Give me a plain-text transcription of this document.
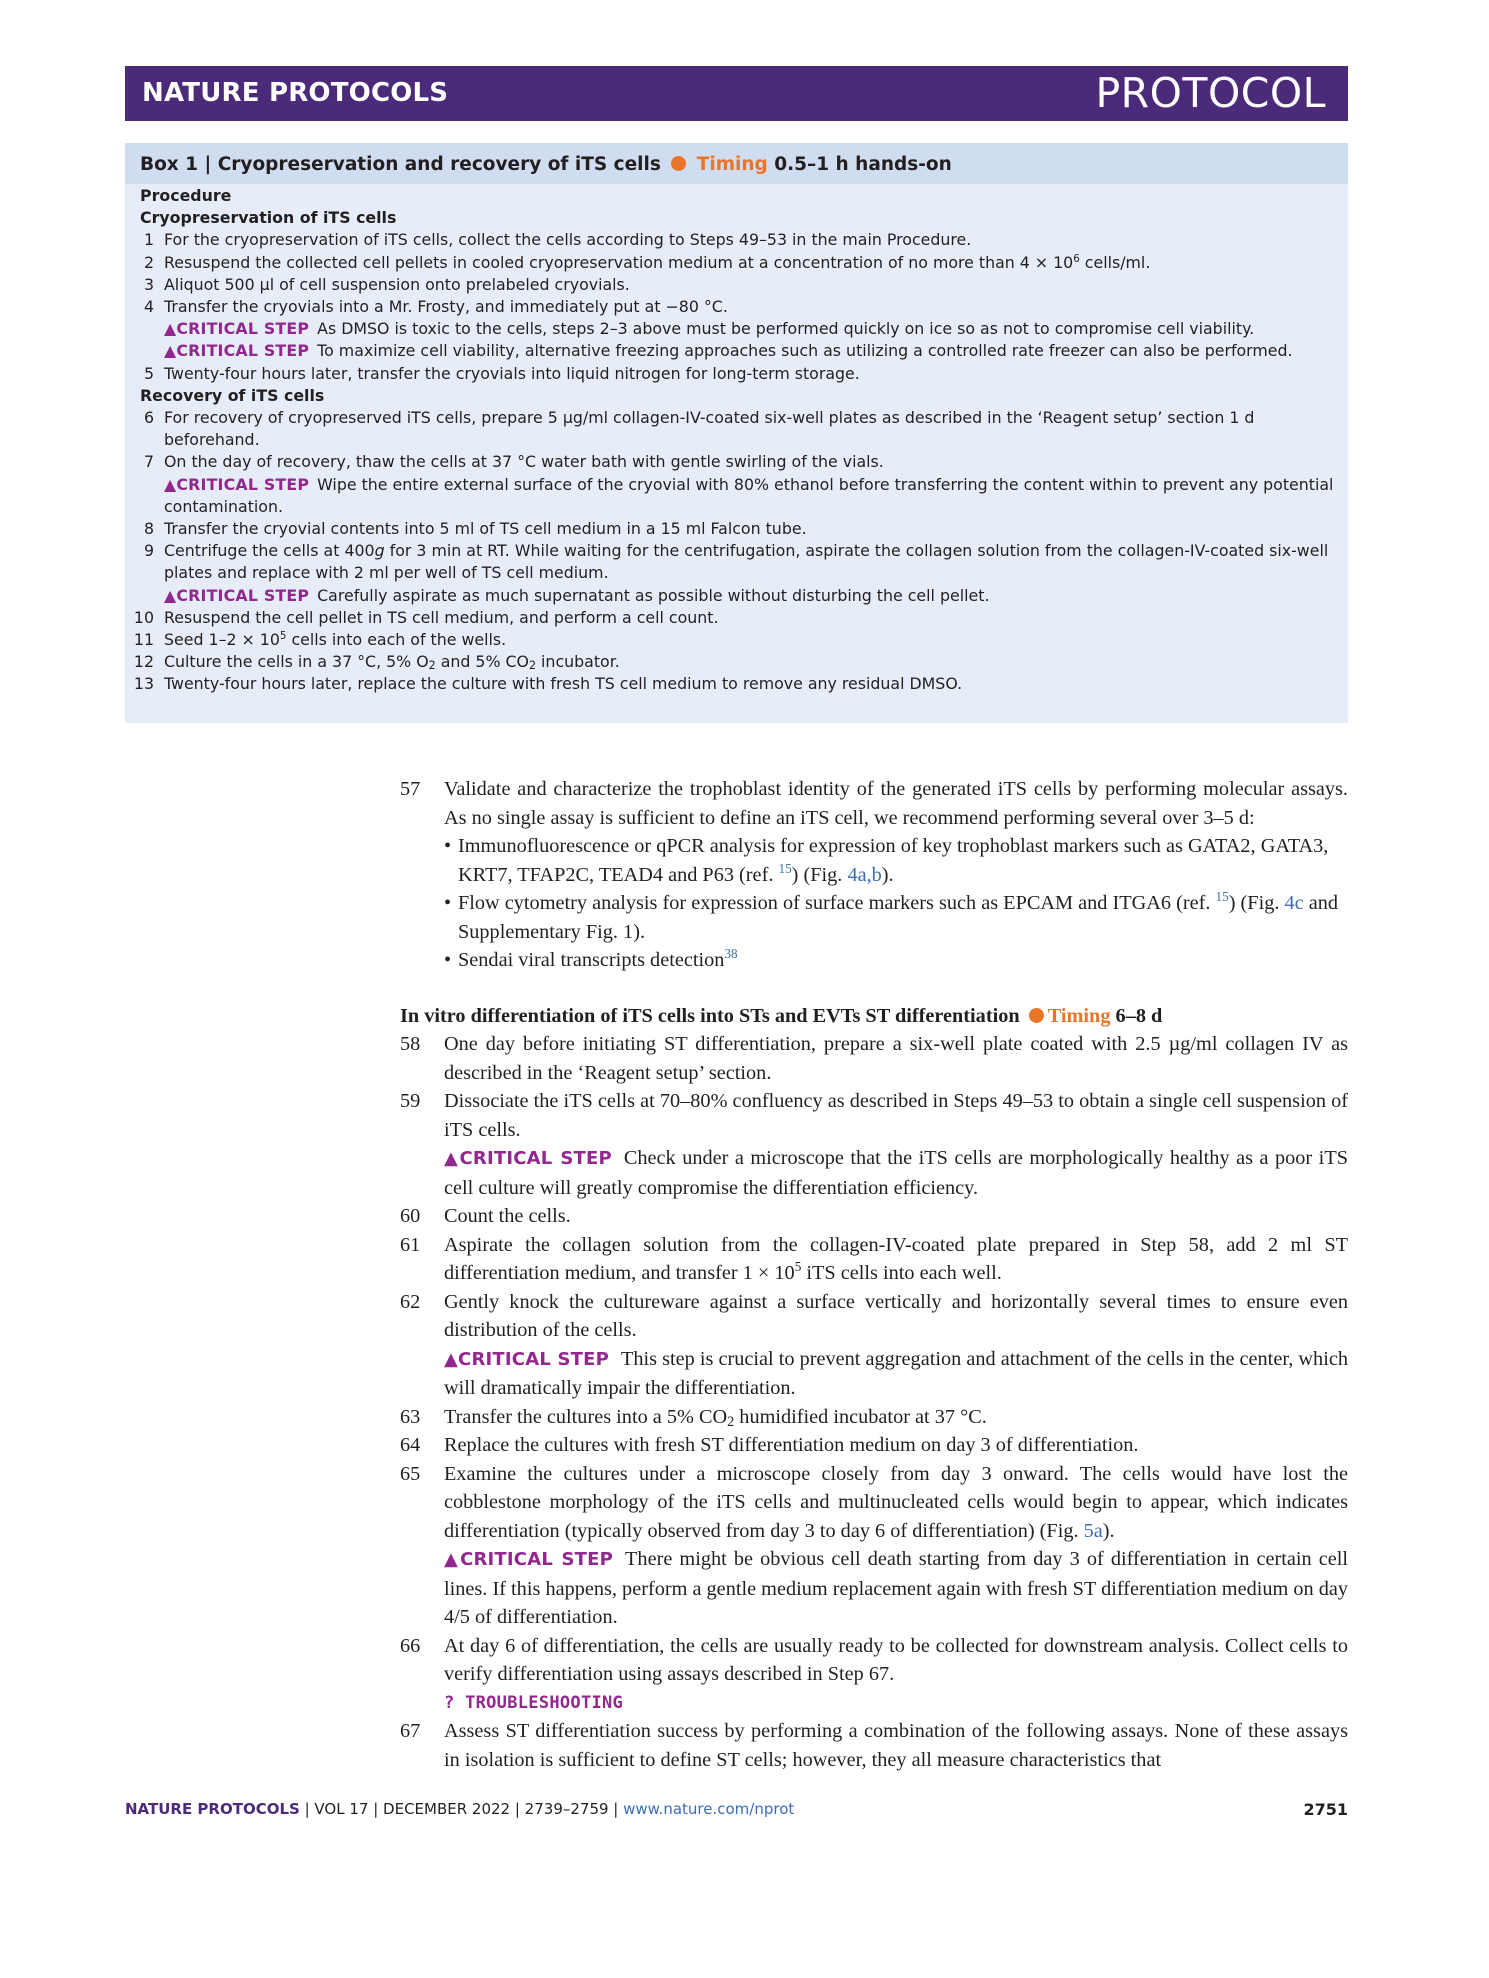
NATURE PROTOCOLS	PROTOCOL
Box 1 | Cryopreservation and recovery of iTS cells Timing 0.5–1 h hands-on
Procedure
Cryopreservation of iTS cells
1 For the cryopreservation of iTS cells, collect the cells according to Steps 49–53 in the main Procedure.
2 Resuspend the collected cell pellets in cooled cryopreservation medium at a concentration of no more than $4 \times 10^6$ cells/ml.
3 Aliquot 500 µl of cell suspension onto prelabeled cryovials.
4 Transfer the cryovials into a Mr. Frosty, and immediately put at −80 °C.
▲CRITICAL STEP As DMSO is toxic to the cells, steps 2–3 above must be performed quickly on ice so as not to compromise cell viability.
▲CRITICAL STEP To maximize cell viability, alternative freezing approaches such as utilizing a controlled rate freezer can also be performed.
5 Twenty-four hours later, transfer the cryovials into liquid nitrogen for long-term storage.
Recovery of iTS cells
6 For recovery of cryopreserved iTS cells, prepare 5 µg/ml collagen-IV-coated six-well plates as described in the ‘Reagent setup’ section 1 d beforehand.
7 On the day of recovery, thaw the cells at 37 °C water bath with gentle swirling of the vials.
▲CRITICAL STEP Wipe the entire external surface of the cryovial with 80% ethanol before transferring the content within to prevent any potential contamination.
8 Transfer the cryovial contents into 5 ml of TS cell medium in a 15 ml Falcon tube.
9 Centrifuge the cells at 400g for 3 min at RT. While waiting for the centrifugation, aspirate the collagen solution from the collagen-IV-coated six-well plates and replace with 2 ml per well of TS cell medium.
▲CRITICAL STEP Carefully aspirate as much supernatant as possible without disturbing the cell pellet.
10 Resuspend the cell pellet in TS cell medium, and perform a cell count.
11 Seed $1-2 \times 10^5$ cells into each of the wells.
12 Culture the cells in a 37 °C, 5% $O_2$ and 5% $CO_2$ incubator.
13 Twenty-four hours later, replace the culture with fresh TS cell medium to remove any residual DMSO.
57 Validate and characterize the trophoblast identity of the generated iTS cells by performing molecular assays. As no single assay is sufficient to define an iTS cell, we recommend performing several over 3–5 d:
• Immunofluorescence or qPCR analysis for expression of key trophoblast markers such as GATA2, GATA3, KRT7, TFAP2C, TEAD4 and P63 (ref. $^{15}$) (Fig. 4a,b).
• Flow cytometry analysis for expression of surface markers such as EPCAM and ITGA6 (ref. $^{15}$) (Fig. 4c and Supplementary Fig. 1).
• Sendai viral transcripts detection$^{38}$
In vitro differentiation of iTS cells into STs and EVTs ST differentiation Timing 6–8 d
58 One day before initiating ST differentiation, prepare a six-well plate coated with 2.5 µg/ml collagen IV as described in the ‘Reagent setup’ section.
59 Dissociate the iTS cells at 70–80% confluency as described in Steps 49–53 to obtain a single cell suspension of iTS cells.
▲CRITICAL STEP Check under a microscope that the iTS cells are morphologically healthy as a poor iTS cell culture will greatly compromise the differentiation efficiency.
60 Count the cells.
61 Aspirate the collagen solution from the collagen-IV-coated plate prepared in Step 58, add 2 ml ST differentiation medium, and transfer $1 \times 10^5$ iTS cells into each well.
62 Gently knock the cultureware against a surface vertically and horizontally several times to ensure even distribution of the cells.
▲CRITICAL STEP This step is crucial to prevent aggregation and attachment of the cells in the center, which will dramatically impair the differentiation.
63 Transfer the cultures into a 5% $CO_2$ humidified incubator at 37 °C.
64 Replace the cultures with fresh ST differentiation medium on day 3 of differentiation.
65 Examine the cultures under a microscope closely from day 3 onward. The cells would have lost the cobblestone morphology of the iTS cells and multinucleated cells would begin to appear, which indicates differentiation (typically observed from day 3 to day 6 of differentiation) (Fig. 5a).
▲CRITICAL STEP There might be obvious cell death starting from day 3 of differentiation in certain cell lines. If this happens, perform a gentle medium replacement again with fresh ST differentiation medium on day 4/5 of differentiation.
66 At day 6 of differentiation, the cells are usually ready to be collected for downstream analysis. Collect cells to verify differentiation using assays described in Step 67.
? TROUBLESHOOTING
67 Assess ST differentiation success by performing a combination of the following assays. None of these assays in isolation is sufficient to define ST cells; however, they all measure characteristics that
NATURE PROTOCOLS | VOL 17 | DECEMBER 2022 | 2739–2759 | www.nature.com/nprot	2751
